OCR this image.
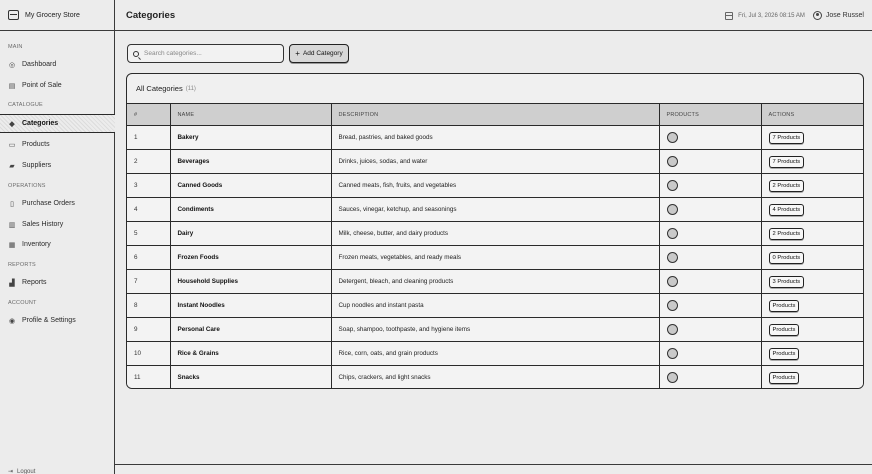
My Grocery Store
MAIN
◎ Dashboard
▤ Point of Sale
CATALOGUE
◆ Categories
▭ Products
▰ Suppliers
OPERATIONS
▯ Purchase Orders
▥ Sales History
▦ Inventory
REPORTS
▟ Reports
ACCOUNT
◉ Profile & Settings
⇥ Logout
Categories	Fri, Jul 3, 2026 08:15 AM	Jose Russel
Search categories...
+ Add Category
All Categories (11)
#	NAME	DESCRIPTION	PRODUCTS	ACTIONS
1	Bakery	Bread, pastries, and baked goods		7 Products
2	Beverages	Drinks, juices, sodas, and water		7 Products
3	Canned Goods	Canned meats, fish, fruits, and vegetables		2 Products
4	Condiments	Sauces, vinegar, ketchup, and seasonings		4 Products
5	Dairy	Milk, cheese, butter, and dairy products		2 Products
6	Frozen Foods	Frozen meats, vegetables, and ready meals		0 Products
7	Household Supplies	Detergent, bleach, and cleaning products		3 Products
8	Instant Noodles	Cup noodles and instant pasta		Products
9	Personal Care	Soap, shampoo, toothpaste, and hygiene items		Products
10	Rice & Grains	Rice, corn, oats, and grain products		Products
11	Snacks	Chips, crackers, and light snacks		Products
